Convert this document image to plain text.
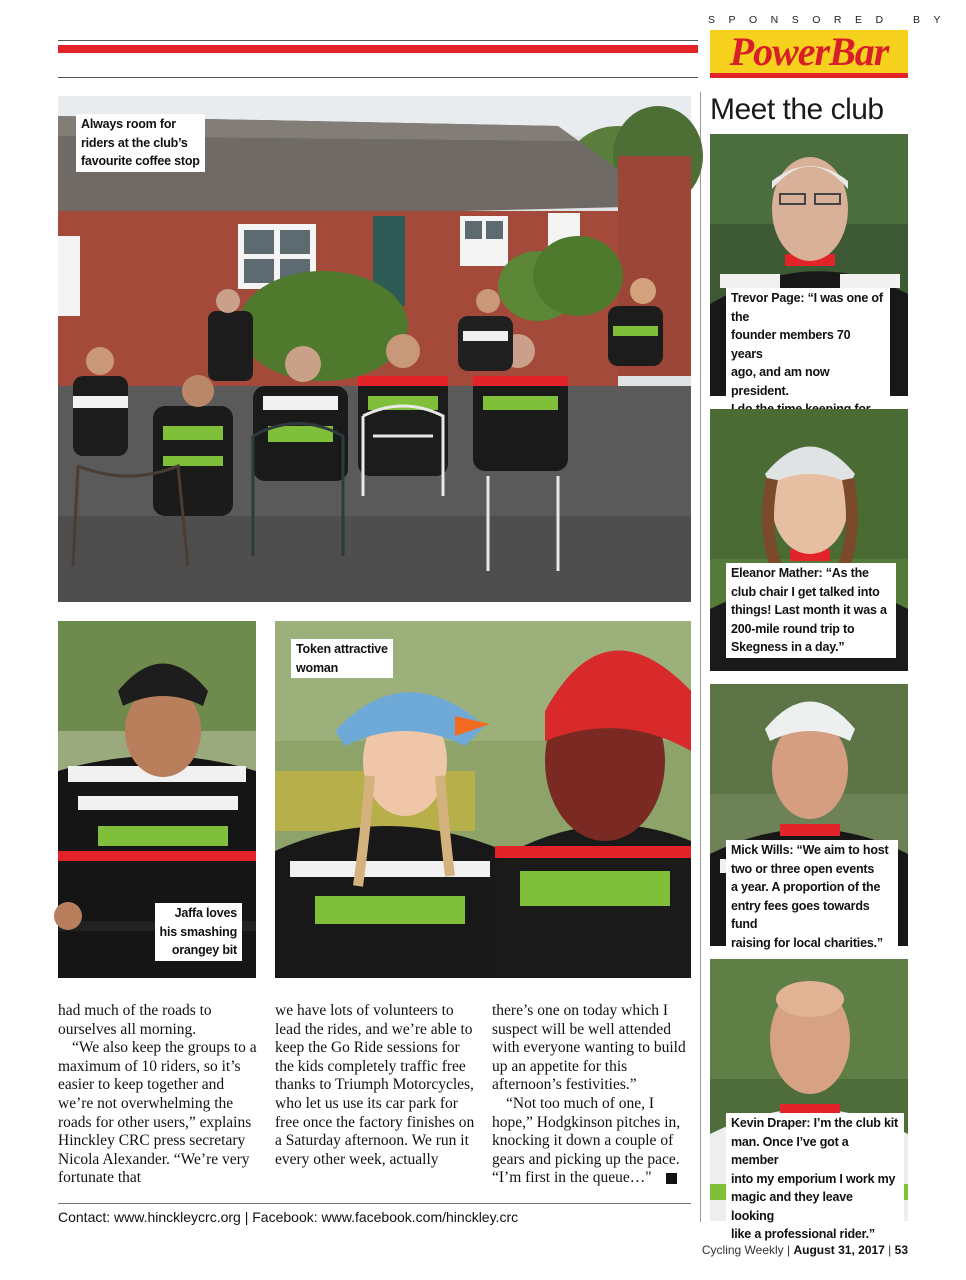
SPONSORED BY
PowerBar
Always room for
riders at the club’s
favourite coffee stop
Jaffa loves
his smashing
orangey bit
Token attractive
woman

had much of the roads to ourselves all morning.

“We also keep the groups to a maximum of 10 riders, so it’s easier to keep together and we’re not overwhelming the roads for other users,” explains Hinckley CRC press secretary Nicola Alexander. “We’re very fortunate that

we have lots of volunteers to lead the rides, and we’re able to keep the Go Ride sessions for the kids completely traffic free thanks to Triumph Motorcycles, who let us use its car park for free once the factory finishes on a Saturday afternoon. We run it every other week, actually

there’s one on today which I suspect will be well attended with everyone wanting to build up an appetite for this afternoon’s festivities.”

“Not too much of one, I hope,” Hodgkinson pitches in, knocking it down a couple of gears and picking up the pace. “I’m first in the queue…"

Contact: www.hinckleycrc.org | Facebook: www.facebook.com/hinckley.crc
Meet the club
Trevor Page: “I was one of the
founder members 70 years
ago, and am now president.
Eleanor Mather: “As the
club chair I get talked into
things! Last month it was a
200-mile round trip to
Skegness in a day.”
Mick Wills: “We aim to host
two or three open events
a year. A proportion of the
entry fees goes towards fund
raising for local charities.”
Kevin Draper: I’m the club kit
man. Once I’ve got a member
into my emporium I work my
magic and they leave looking
like a professional rider.”
Cycling Weekly | August 31, 2017 | 53
